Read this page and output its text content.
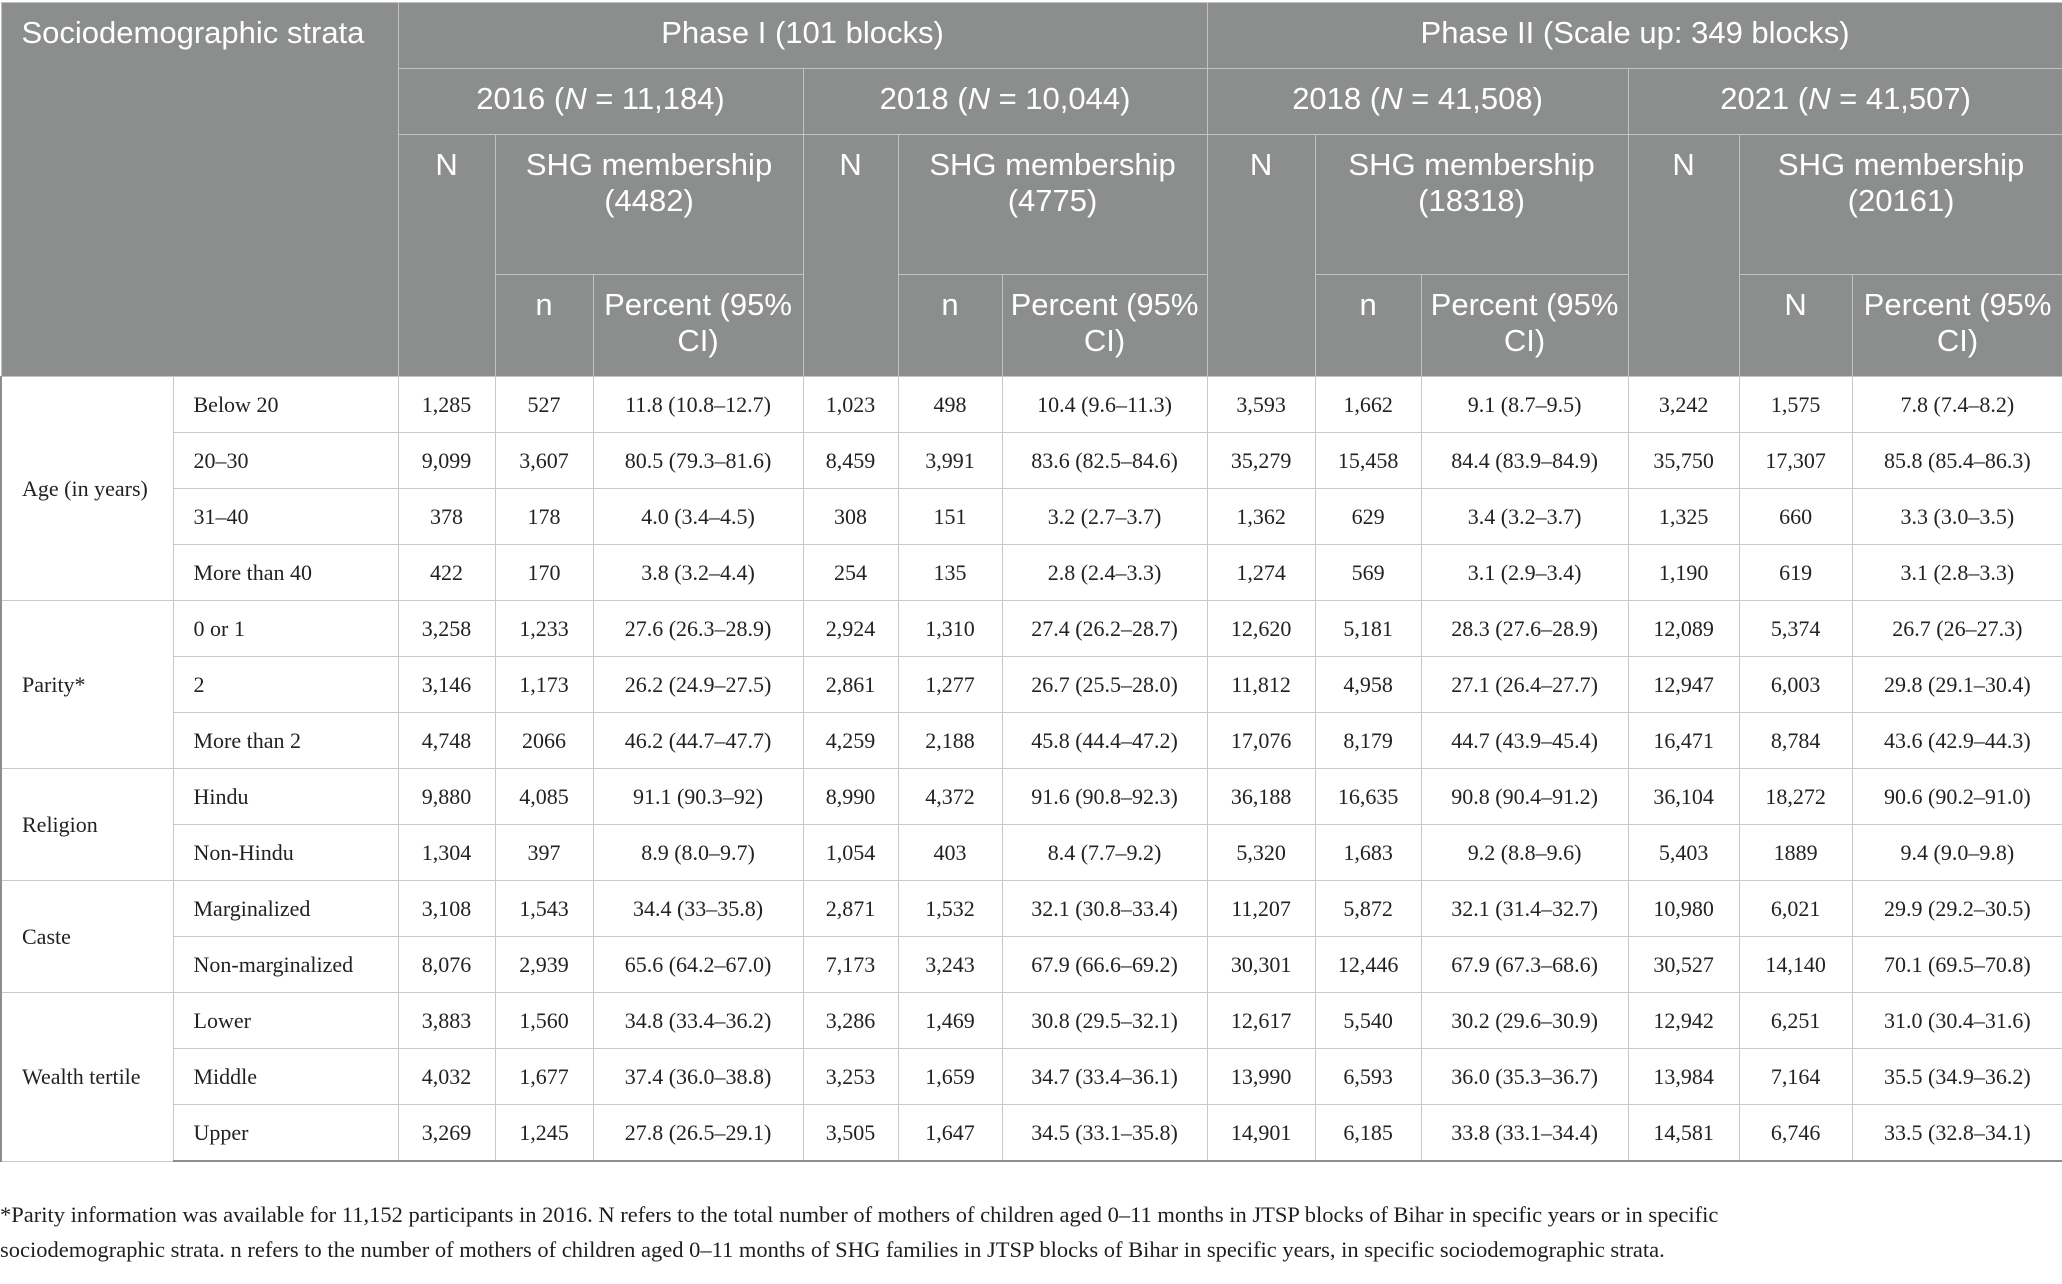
Sociodemographic strata		Phase I (101 blocks)						Phase II (Scale up: 349 blocks)					
		2016 (N = 11,184)			2018 (N = 10,044)			2018 (N = 41,508)			2021 (N = 41,507)		
		N	SHG membership (4482)		N	SHG membership (4775)		N	SHG membership (18318)		N	SHG membership (20161)	
			n	Percent (95% CI)		n	Percent (95% CI)		n	Percent (95% CI)		N	Percent (95% CI)
Age (in years)	Below 20	1,285	527	11.8 (10.8–12.7)	1,023	498	10.4 (9.6–11.3)	3,593	1,662	9.1 (8.7–9.5)	3,242	1,575	7.8 (7.4–8.2)
	20–30	9,099	3,607	80.5 (79.3–81.6)	8,459	3,991	83.6 (82.5–84.6)	35,279	15,458	84.4 (83.9–84.9)	35,750	17,307	85.8 (85.4–86.3)
	31–40	378	178	4.0 (3.4–4.5)	308	151	3.2 (2.7–3.7)	1,362	629	3.4 (3.2–3.7)	1,325	660	3.3 (3.0–3.5)
	More than 40	422	170	3.8 (3.2–4.4)	254	135	2.8 (2.4–3.3)	1,274	569	3.1 (2.9–3.4)	1,190	619	3.1 (2.8–3.3)
Parity*	0 or 1	3,258	1,233	27.6 (26.3–28.9)	2,924	1,310	27.4 (26.2–28.7)	12,620	5,181	28.3 (27.6–28.9)	12,089	5,374	26.7 (26–27.3)
	2	3,146	1,173	26.2 (24.9–27.5)	2,861	1,277	26.7 (25.5–28.0)	11,812	4,958	27.1 (26.4–27.7)	12,947	6,003	29.8 (29.1–30.4)
	More than 2	4,748	2066	46.2 (44.7–47.7)	4,259	2,188	45.8 (44.4–47.2)	17,076	8,179	44.7 (43.9–45.4)	16,471	8,784	43.6 (42.9–44.3)
Religion	Hindu	9,880	4,085	91.1 (90.3–92)	8,990	4,372	91.6 (90.8–92.3)	36,188	16,635	90.8 (90.4–91.2)	36,104	18,272	90.6 (90.2–91.0)
	Non-Hindu	1,304	397	8.9 (8.0–9.7)	1,054	403	8.4 (7.7–9.2)	5,320	1,683	9.2 (8.8–9.6)	5,403	1889	9.4 (9.0–9.8)
Caste	Marginalized	3,108	1,543	34.4 (33–35.8)	2,871	1,532	32.1 (30.8–33.4)	11,207	5,872	32.1 (31.4–32.7)	10,980	6,021	29.9 (29.2–30.5)
	Non-marginalized	8,076	2,939	65.6 (64.2–67.0)	7,173	3,243	67.9 (66.6–69.2)	30,301	12,446	67.9 (67.3–68.6)	30,527	14,140	70.1 (69.5–70.8)
Wealth tertile	Lower	3,883	1,560	34.8 (33.4–36.2)	3,286	1,469	30.8 (29.5–32.1)	12,617	5,540	30.2 (29.6–30.9)	12,942	6,251	31.0 (30.4–31.6)
	Middle	4,032	1,677	37.4 (36.0–38.8)	3,253	1,659	34.7 (33.4–36.1)	13,990	6,593	36.0 (35.3–36.7)	13,984	7,164	35.5 (34.9–36.2)
	Upper	3,269	1,245	27.8 (26.5–29.1)	3,505	1,647	34.5 (33.1–35.8)	14,901	6,185	33.8 (33.1–34.4)	14,581	6,746	33.5 (32.8–34.1)

*Parity information was available for 11,152 participants in 2016. N refers to the total number of mothers of children aged 0–11 months in JTSP blocks of Bihar in specific years or in specific

sociodemographic strata. n refers to the number of mothers of children aged 0–11 months of SHG families in JTSP blocks of Bihar in specific years, in specific sociodemographic strata.
